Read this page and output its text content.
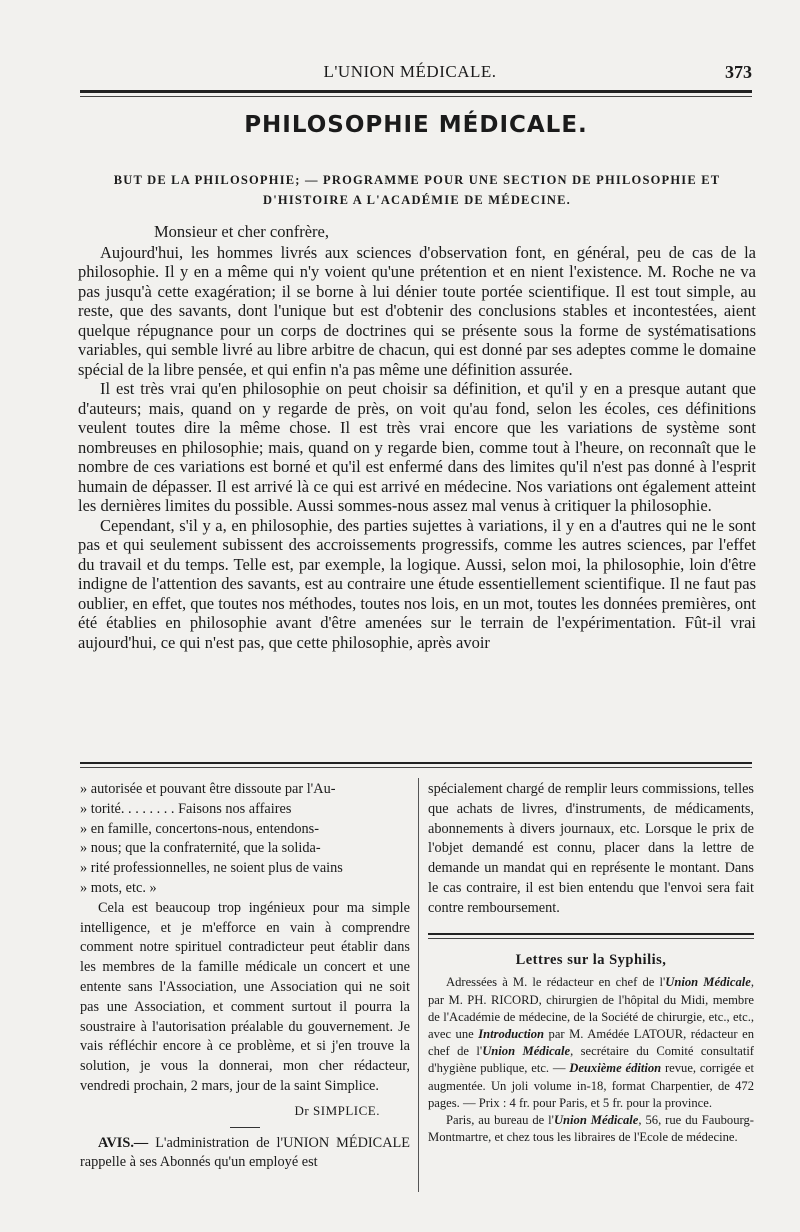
L'UNION MÉDICALE.	373
PHILOSOPHIE MÉDICALE.
BUT DE LA PHILOSOPHIE; — PROGRAMME POUR UNE SECTION DE PHILOSOPHIE ET D'HISTOIRE A L'ACADÉMIE DE MÉDECINE.

Monsieur et cher confrère,

Aujourd'hui, les hommes livrés aux sciences d'observation font, en général, peu de cas de la philosophie. Il y en a même qui n'y voient qu'une prétention et en nient l'existence. M. Roche ne va pas jusqu'à cette exagération; il se borne à lui dénier toute portée scientifique. Il est tout simple, au reste, que des savants, dont l'unique but est d'obtenir des conclusions stables et incontestées, aient quelque répugnance pour un corps de doctrines qui se présente sous la forme de systématisations variables, qui semble livré au libre arbitre de chacun, qui est donné par ses adeptes comme le domaine spécial de la libre pensée, et qui enfin n'a pas même une définition assurée.

Il est très vrai qu'en philosophie on peut choisir sa définition, et qu'il y en a presque autant que d'auteurs; mais, quand on y regarde de près, on voit qu'au fond, selon les écoles, ces définitions veulent toutes dire la même chose. Il est très vrai encore que les variations de système sont nombreuses en philosophie; mais, quand on y regarde bien, comme tout à l'heure, on reconnaît que le nombre de ces variations est borné et qu'il est enfermé dans des limites qu'il n'est pas donné à l'esprit humain de dépasser. Il est arrivé là ce qui est arrivé en médecine. Nos variations ont également atteint les dernières limites du possible. Aussi sommes-nous assez mal venus à critiquer la philosophie.

Cependant, s'il y a, en philosophie, des parties sujettes à variations, il y en a d'autres qui ne le sont pas et qui seulement subissent des accroissements progressifs, comme les autres sciences, par l'effet du travail et du temps. Telle est, par exemple, la logique. Aussi, selon moi, la philosophie, loin d'être indigne de l'attention des savants, est au contraire une étude essentiellement scientifique. Il ne faut pas oublier, en effet, que toutes nos méthodes, toutes nos lois, en un mot, toutes les données premières, ont été établies en philosophie avant d'être amenées sur le terrain de l'expérimentation. Fût-il vrai aujourd'hui, ce qui n'est pas, que cette philosophie, après avoir

» autorisée et pouvant être dissoute par l'Au-
» torité. . . . . . . . Faisons nos affaires
» en famille, concertons-nous, entendons-
» nous; que la confraternité, que la solida-
» rité professionnelles, ne soient plus de vains
» mots, etc. »

Cela est beaucoup trop ingénieux pour ma simple intelligence, et je m'efforce en vain à comprendre comment notre spirituel contradicteur peut établir dans les membres de la famille médicale un concert et une entente sans l'Association, une Association qui ne soit pas une Association, et comment surtout il pourra la soustraire à l'autorisation préalable du gouvernement. Je vais réfléchir encore à ce problème, et si j'en trouve la solution, je vous la donnerai, mon cher rédacteur, vendredi prochain, 2 mars, jour de la saint Simplice.

Dr SIMPLICE.

AVIS.— L'administration de l'UNION MÉDICALE rappelle à ses Abonnés qu'un employé est

spécialement chargé de remplir leurs commissions, telles que achats de livres, d'instruments, de médicaments, abonnements à divers journaux, etc. Lorsque le prix de l'objet demandé est connu, placer dans la lettre de demande un mandat qui en représente le montant. Dans le cas contraire, il est bien entendu que l'envoi sera fait contre remboursement.

Lettres sur la Syphilis,

Adressées à M. le rédacteur en chef de l'Union Médicale, par M. PH. RICORD, chirurgien de l'hôpital du Midi, membre de l'Académie de médecine, de la Société de chirurgie, etc., etc., avec une Introduction par M. Amédée LATOUR, rédacteur en chef de l'Union Médicale, secrétaire du Comité consultatif d'hygiène publique, etc. — Deuxième édition revue, corrigée et augmentée. Un joli volume in-18, format Charpentier, de 472 pages. — Prix : 4 fr. pour Paris, et 5 fr. pour la province.

Paris, au bureau de l'Union Médicale, 56, rue du Faubourg-Montmartre, et chez tous les libraires de l'Ecole de médecine.
